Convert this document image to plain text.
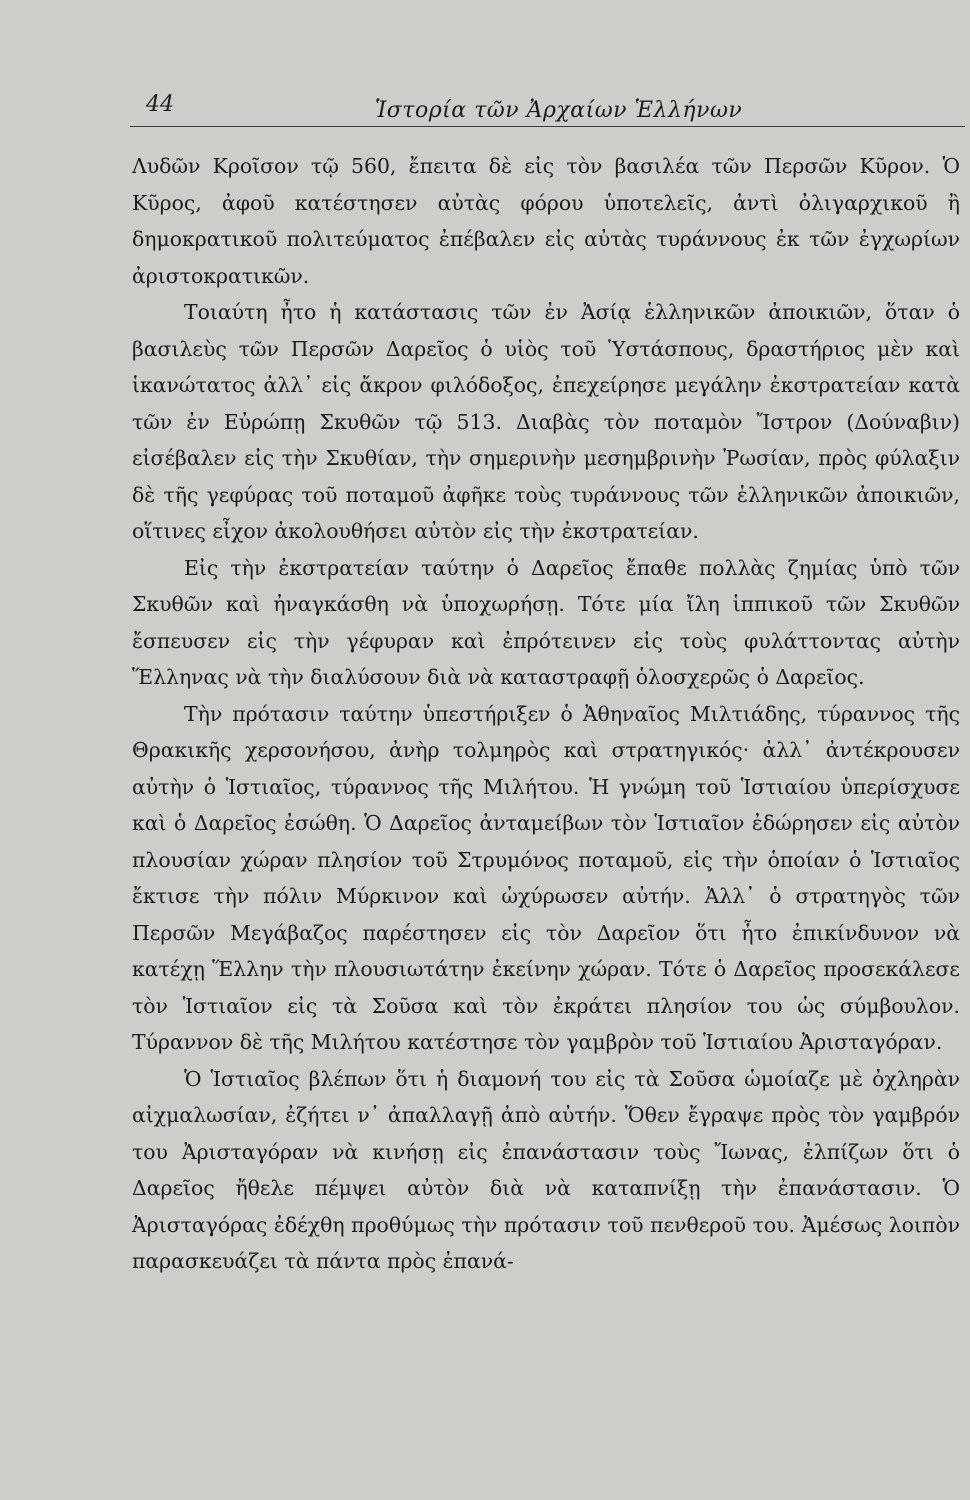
44	Ἱστορία τῶν Ἀρχαίων Ἑλλήνων

Λυδῶν Κροῖσον τῷ 560, ἔπειτα δὲ εἰς τὸν βασιλέα τῶν Περσῶν Κῦρον. Ὁ Κῦρος, ἀφοῦ κατέστησεν αὐτὰς φόρου ὑποτελεῖς, ἀντὶ ὀλιγαρχικοῦ ἢ δημοκρατικοῦ πολιτεύματος ἐπέβαλεν εἰς αὐτὰς τυράννους ἐκ τῶν ἐγχωρίων ἀριστοκρατικῶν.

Τοιαύτη ἦτο ἡ κατάστασις τῶν ἐν Ἀσίᾳ ἑλληνικῶν ἀποικιῶν, ὅταν ὁ βασιλεὺς τῶν Περσῶν Δαρεῖος ὁ υἱὸς τοῦ Ὑστάσπους, δραστήριος μὲν καὶ ἱκανώτατος ἀλλ᾽ εἰς ἄκρον φιλόδοξος, ἐπεχείρησε μεγάλην ἐκστρατείαν κατὰ τῶν ἐν Εὐρώπῃ Σκυθῶν τῷ 513. Διαβὰς τὸν ποταμὸν Ἴστρον (Δούναβιν) εἰσέβαλεν εἰς τὴν Σκυθίαν, τὴν σημερινὴν μεσημβρινὴν Ῥωσίαν, πρὸς φύλαξιν δὲ τῆς γεφύρας τοῦ ποταμοῦ ἀφῆκε τοὺς τυράννους τῶν ἑλληνικῶν ἀποικιῶν, οἵτινες εἶχον ἀκολουθήσει αὐτὸν εἰς τὴν ἐκστρατείαν.

Εἰς τὴν ἐκστρατείαν ταύτην ὁ Δαρεῖος ἔπαθε πολλὰς ζημίας ὑπὸ τῶν Σκυθῶν καὶ ἠναγκάσθη νὰ ὑποχωρήσῃ. Τότε μία ἴλη ἱππικοῦ τῶν Σκυθῶν ἔσπευσεν εἰς τὴν γέφυραν καὶ ἐπρότεινεν εἰς τοὺς φυλάττοντας αὐτὴν Ἕλληνας νὰ τὴν διαλύσουν διὰ νὰ καταστραφῇ ὁλοσχερῶς ὁ Δαρεῖος.

Τὴν πρότασιν ταύτην ὑπεστήριξεν ὁ Ἀθηναῖος Μιλτιάδης, τύραννος τῆς Θρακικῆς χερσονήσου, ἀνὴρ τολμηρὸς καὶ στρατηγικός· ἀλλ᾽ ἀντέκρουσεν αὐτὴν ὁ Ἱστιαῖος, τύραννος τῆς Μιλήτου. Ἡ γνώμη τοῦ Ἱστιαίου ὑπερίσχυσε καὶ ὁ Δαρεῖος ἐσώθη. Ὁ Δαρεῖος ἀνταμείβων τὸν Ἱστιαῖον ἐδώρησεν εἰς αὐτὸν πλουσίαν χώραν πλησίον τοῦ Στρυμόνος ποταμοῦ, εἰς τὴν ὁποίαν ὁ Ἱστιαῖος ἔκτισε τὴν πόλιν Μύρκινον καὶ ὠχύρωσεν αὐτήν. Ἀλλ᾽ ὁ στρατηγὸς τῶν Περσῶν Μεγάβαζος παρέστησεν εἰς τὸν Δαρεῖον ὅτι ἦτο ἐπικίνδυνον νὰ κατέχῃ Ἕλλην τὴν πλουσιωτάτην ἐκείνην χώραν. Τότε ὁ Δαρεῖος προσεκάλεσε τὸν Ἱστιαῖον εἰς τὰ Σοῦσα καὶ τὸν ἐκράτει πλησίον του ὡς σύμβουλον. Τύραννον δὲ τῆς Μιλήτου κατέστησε τὸν γαμβρὸν τοῦ Ἱστιαίου Ἀρισταγόραν.

Ὁ Ἱστιαῖος βλέπων ὅτι ἡ διαμονή του εἰς τὰ Σοῦσα ὡμοίαζε μὲ ὀχληρὰν αἰχμαλωσίαν, ἐζήτει ν᾽ ἀπαλλαγῇ ἀπὸ αὐτήν. Ὅθεν ἔγραψε πρὸς τὸν γαμβρόν του Ἀρισταγόραν νὰ κινήσῃ εἰς ἐπανάστασιν τοὺς Ἴωνας, ἐλπίζων ὅτι ὁ Δαρεῖος ἤθελε πέμψει αὐτὸν διὰ νὰ καταπνίξῃ τὴν ἐπανάστασιν. Ὁ Ἀρισταγόρας ἐδέχθη προθύμως τὴν πρότασιν τοῦ πενθεροῦ του. Ἀμέσως λοιπὸν παρασκευάζει τὰ πάντα πρὸς ἐπανά-
